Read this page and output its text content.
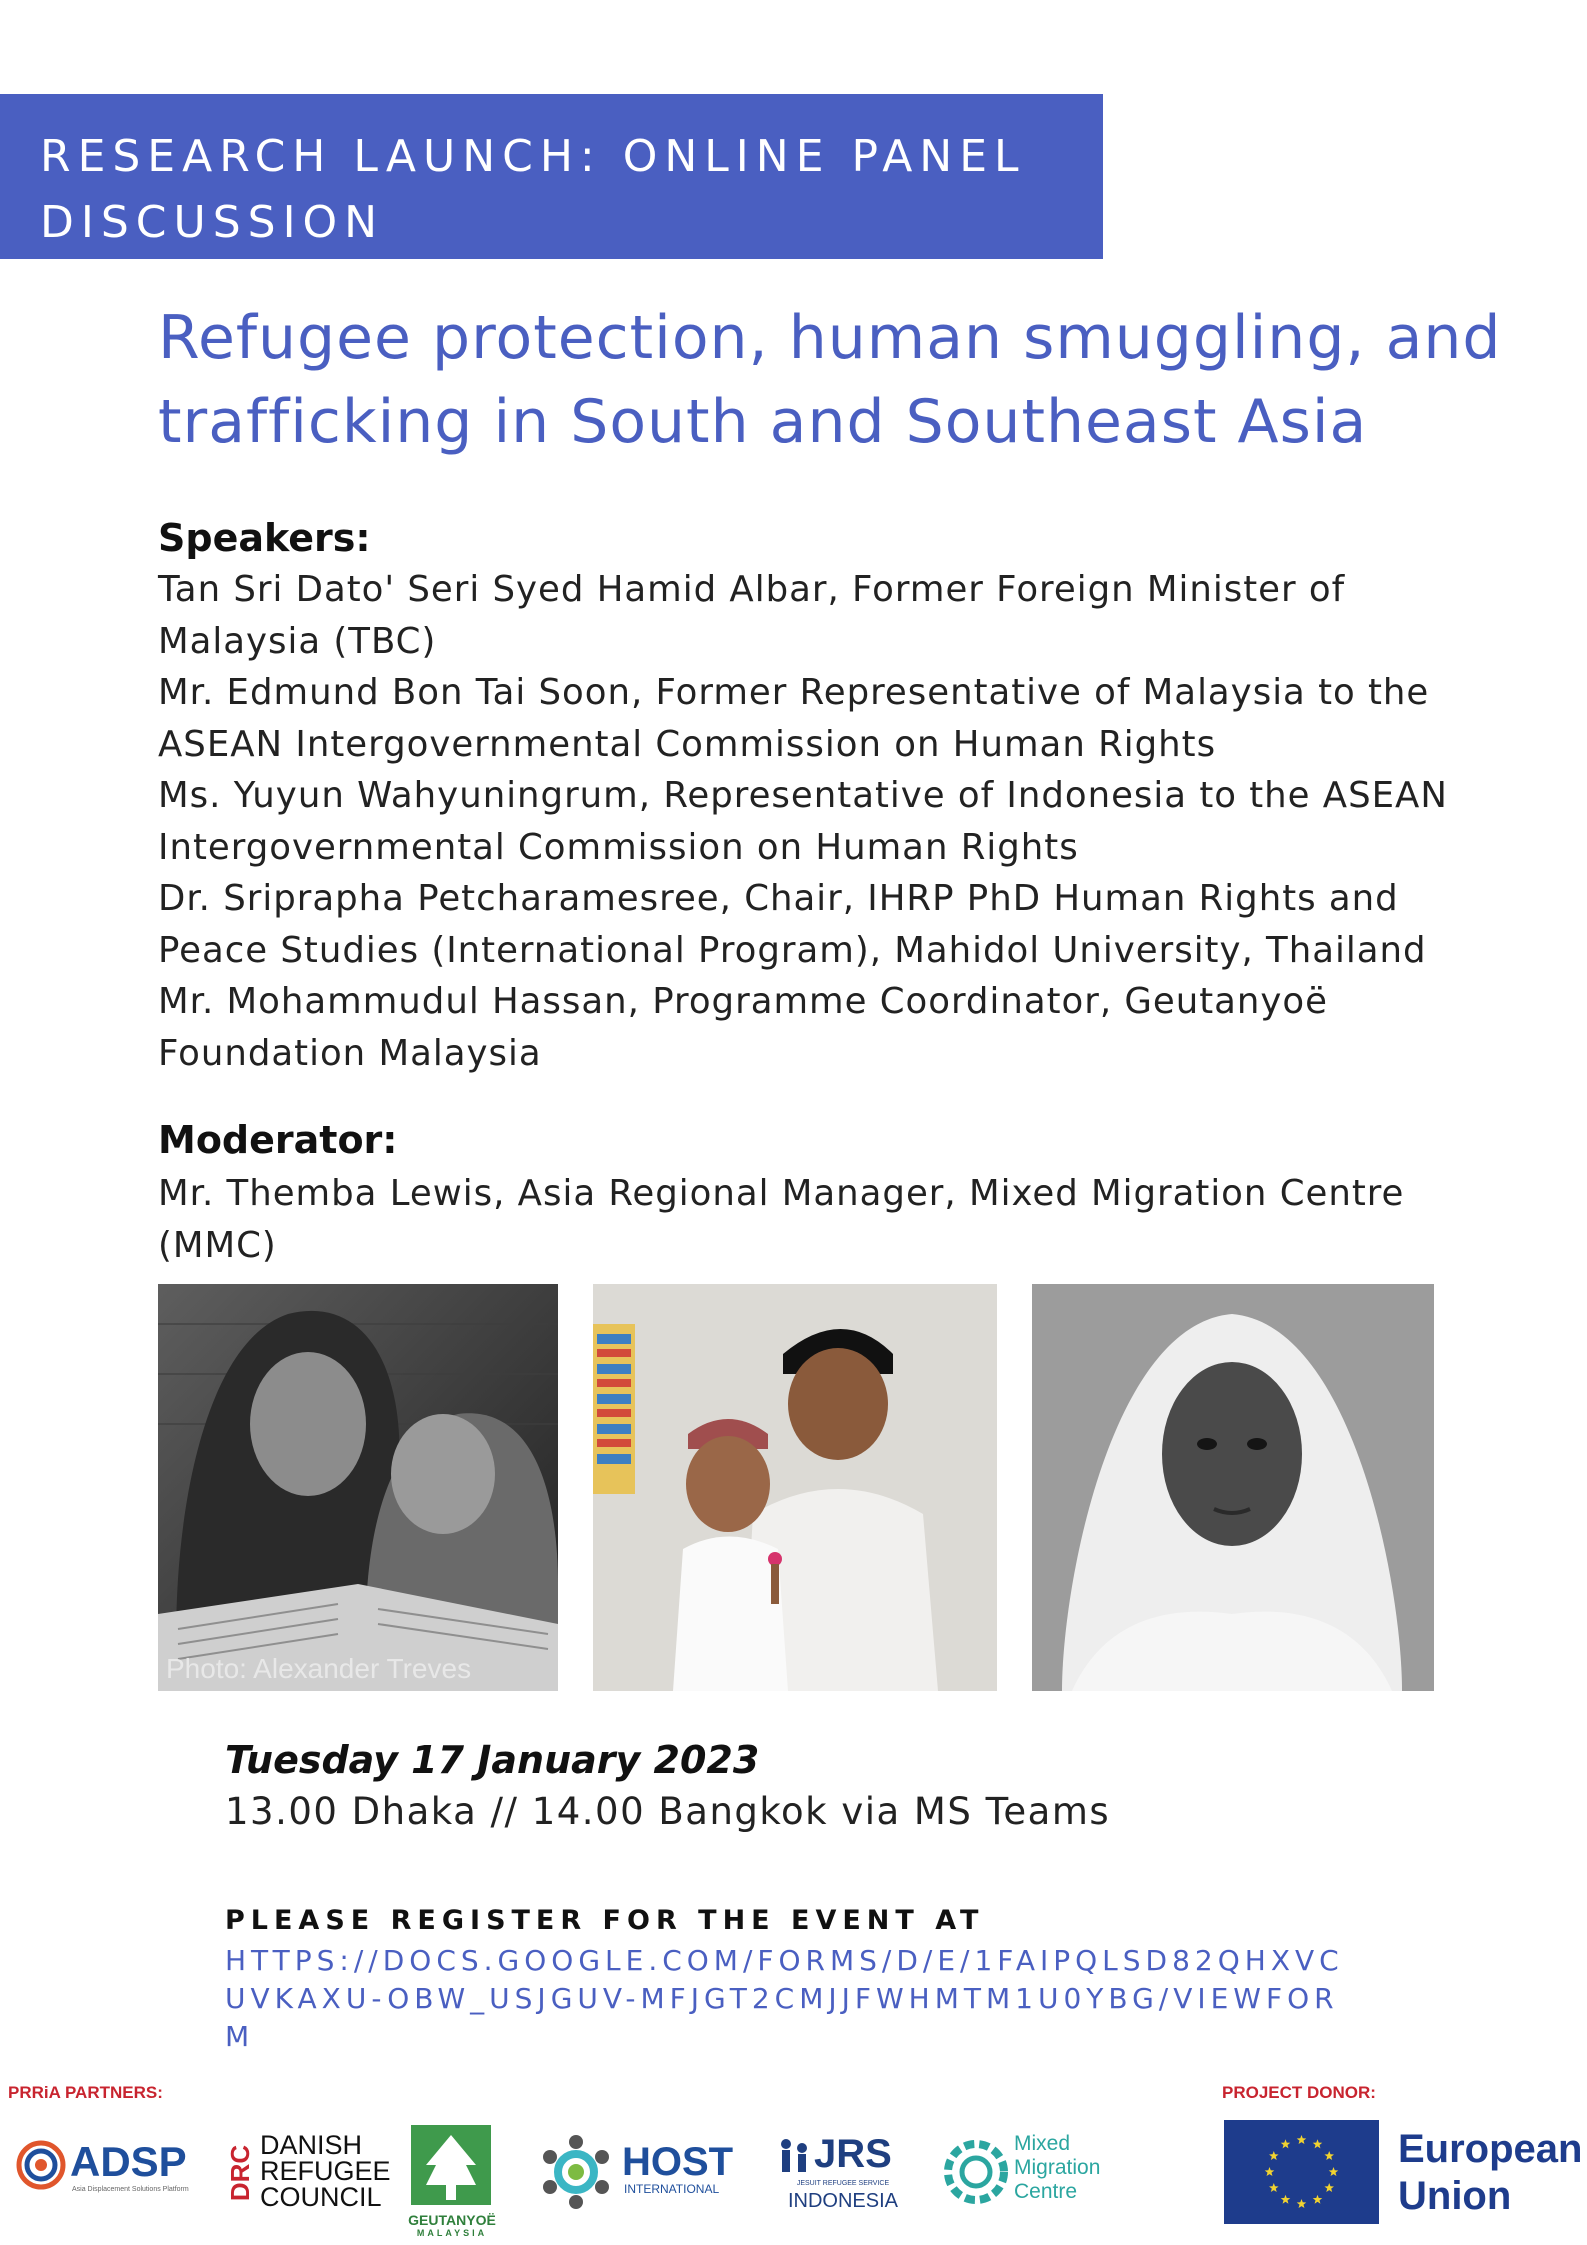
RESEARCH LAUNCH: ONLINE PANEL DISCUSSION
Refugee protection, human smuggling, and trafficking in South and Southeast Asia
Speakers:
Tan Sri Dato' Seri Syed Hamid Albar, Former Foreign Minister of Malaysia (TBC)
Mr. Edmund Bon Tai Soon, Former Representative of Malaysia to the ASEAN Intergovernmental Commission on Human Rights
Ms. Yuyun Wahyuningrum, Representative of Indonesia to the ASEAN Intergovernmental Commission on Human Rights
Dr. Sriprapha Petcharamesree, Chair, IHRP PhD Human Rights and Peace Studies (International Program), Mahidol University, Thailand
Mr. Mohammudul Hassan, Programme Coordinator, Geutanyoë Foundation Malaysia
Moderator:
Mr. Themba Lewis, Asia Regional Manager, Mixed Migration Centre (MMC)
Photo: Alexander Treves
Tuesday 17 January 2023
13.00 Dhaka // 14.00 Bangkok via MS Teams
PLEASE REGISTER FOR THE EVENT AT
HTTPS://DOCS.GOOGLE.COM/FORMS/D/E/1FAIPQLSD82QHXVCUVKAXU-OBW_USJGUV-MFJGT2CMJJFWHMTM1U0YBG/VIEWFORM
PRRiA PARTNERS:	PROJECT DONOR:
ADSP
Asia Displacement Solutions Platform DRC DANISH
REFUGEE
COUNCIL
GEUTANYOË
MALAYSIA
HOST
INTERNATIONAL
JRS
JESUIT REFUGEE SERVICE
INDONESIA
Mixed
Migration
Centre
European
Union
